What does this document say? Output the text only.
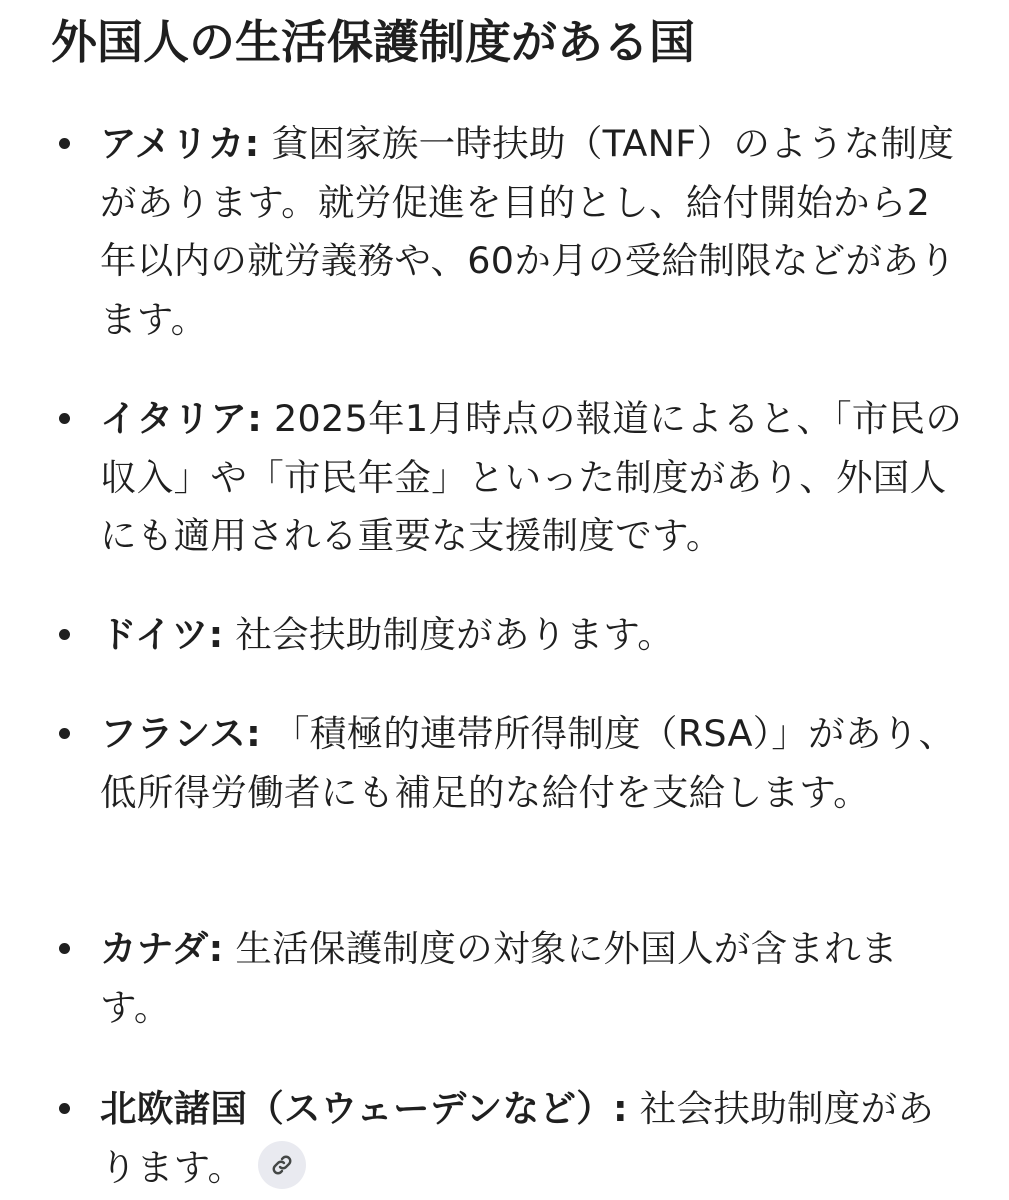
外国人の生活保護制度がある国
アメリカ: 貧困家族一時扶助（TANF）のような制度があります。就労促進を目的とし、給付開始から2年以内の就労義務や、60か月の受給制限などがあります。
イタリア: 2025年1月時点の報道によると、「市民の収入」や「市民年金」といった制度があり、外国人にも適用される重要な支援制度です。
ドイツ: 社会扶助制度があります。
フランス: 「積極的連帯所得制度（RSA）」があり、低所得労働者にも補足的な給付を支給します。
カナダ: 生活保護制度の対象に外国人が含まれます。
北欧諸国（スウェーデンなど）: 社会扶助制度があります。
